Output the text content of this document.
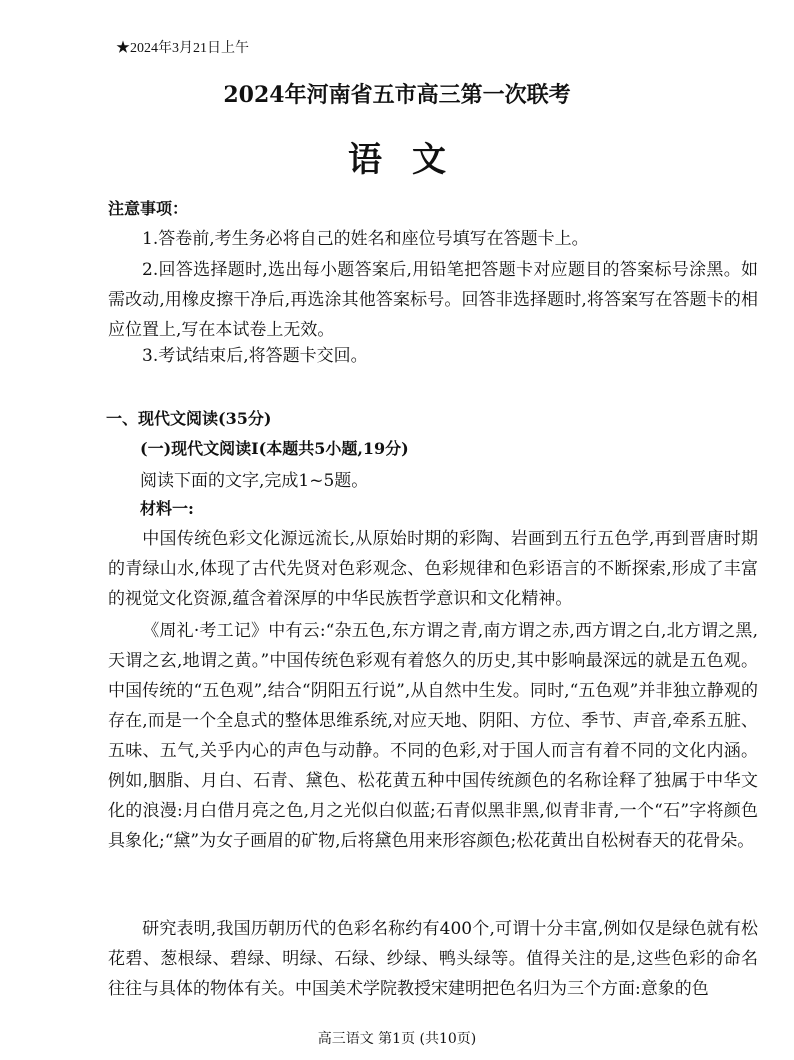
★2024年3月21日上午
2024年河南省五市高三第一次联考
语文
注意事项：
1.答卷前,考生务必将自己的姓名和座位号填写在答题卡上。
2.回答选择题时,选出每小题答案后,用铅笔把答题卡对应题目的答案标号涂黑。如需改动,用橡皮擦干净后,再选涂其他答案标号。回答非选择题时,将答案写在答题卡的相应位置上,写在本试卷上无效。
3.考试结束后,将答题卡交回。
一、现代文阅读(35分)
(一)现代文阅读Ⅰ(本题共5小题,19分)
阅读下面的文字,完成1~5题。
材料一:
中国传统色彩文化源远流长,从原始时期的彩陶、岩画到五行五色学,再到晋唐时期的青绿山水,体现了古代先贤对色彩观念、色彩规律和色彩语言的不断探索,形成了丰富的视觉文化资源,蕴含着深厚的中华民族哲学意识和文化精神。
《周礼·考工记》中有云:“杂五色,东方谓之青,南方谓之赤,西方谓之白,北方谓之黑,天谓之玄,地谓之黄。”中国传统色彩观有着悠久的历史,其中影响最深远的就是五色观。中国传统的“五色观”,结合“阴阳五行说”,从自然中生发。同时,“五色观”并非独立静观的存在,而是一个全息式的整体思维系统,对应天地、阴阳、方位、季节、声音,牵系五脏、五味、五气,关乎内心的声色与动静。不同的色彩,对于国人而言有着不同的文化内涵。例如,胭脂、月白、石青、黛色、松花黄五种中国传统颜色的名称诠释了独属于中华文化的浪漫:月白借月亮之色,月之光似白似蓝;石青似黑非黑,似青非青,一个“石”字将颜色具象化;“黛”为女子画眉的矿物,后将黛色用来形容颜色;松花黄出自松树春天的花骨朵。
研究表明,我国历朝历代的色彩名称约有400个,可谓十分丰富,例如仅是绿色就有松花碧、葱根绿、碧绿、明绿、石绿、纱绿、鸭头绿等。值得关注的是,这些色彩的命名往往与具体的物体有关。中国美术学院教授宋建明把色名归为三个方面:意象的色
高三语文 第1页 (共10页)
